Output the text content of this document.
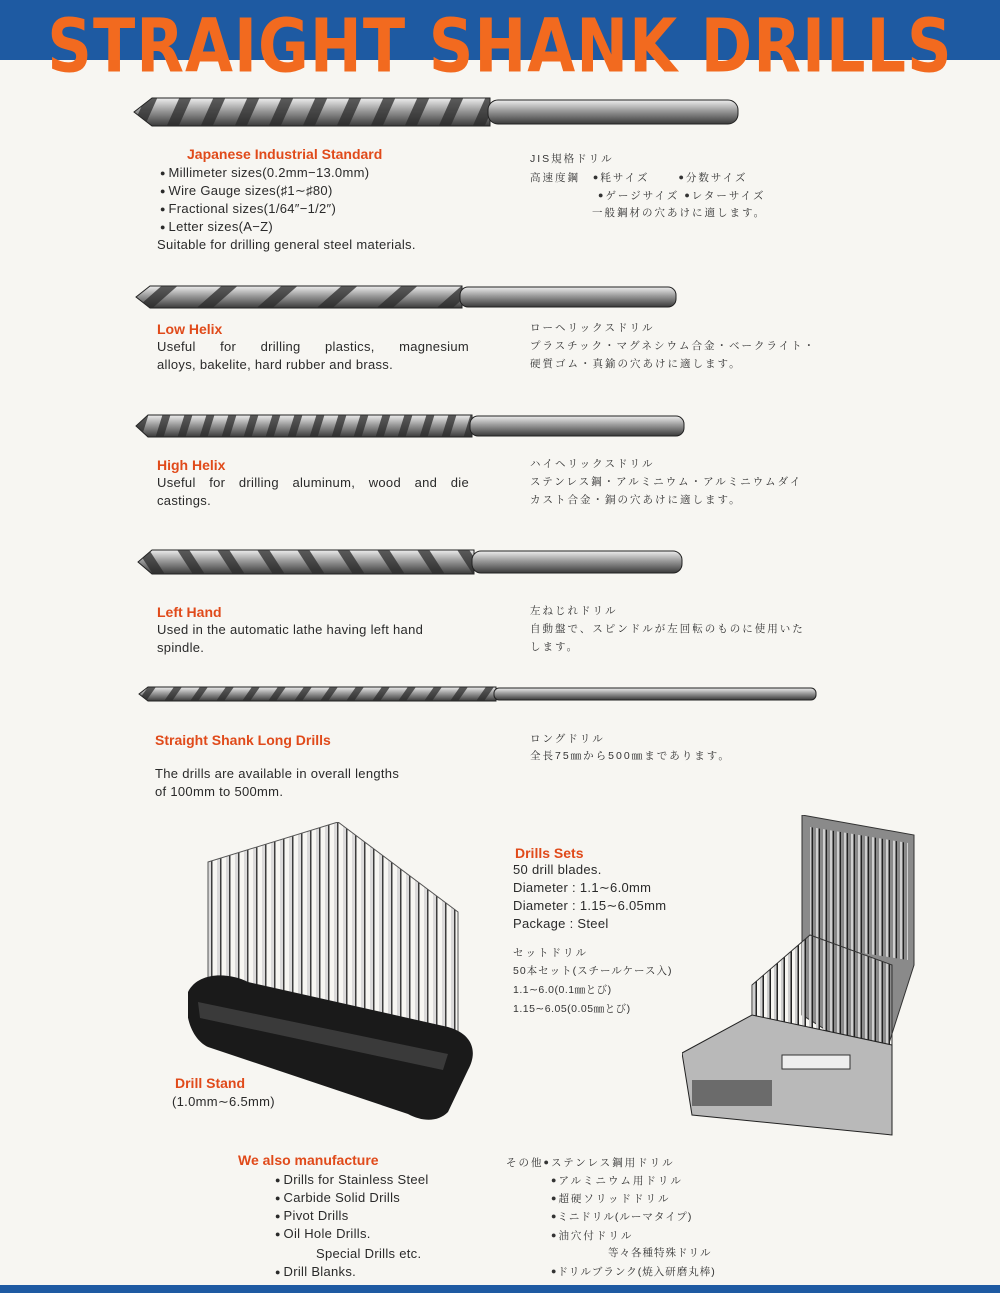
STRAIGHT SHANK DRILLS
Japanese Industrial Standard
● Millimeter sizes(0.2mm−13.0mm)
● Wire Gauge sizes(♯1∼♯80)
● Fractional sizes(1/64″−1/2″)
● Letter sizes(A−Z)
Suitable for drilling general steel materials.
JIS規格ドリル
高速度鋼 ●粍サイズ	●分数サイズ
●ゲージサイズ ●レターサイズ
一般鋼材の穴あけに適します。
Low Helix
Useful for drilling plastics, magnesium
alloys, bakelite, hard rubber and brass.
ローヘリックスドリル
プラスチック・マグネシウム合金・ベークライト・
硬質ゴム・真鍮の穴あけに適します。
High Helix
Useful for drilling aluminum, wood and die
castings.
ハイヘリックスドリル
ステンレス鋼・アルミニウム・アルミニウムダイ
カスト合金・銅の穴あけに適します。
Left Hand
Used in the automatic lathe having left hand
spindle.
左ねじれドリル
自動盤で、スピンドルが左回転のものに使用いた
します。
Straight Shank Long Drills
The drills are available in overall lengths
of 100mm to 500mm.
ロングドリル
全長75㎜から500㎜まであります。
Drill Stand
(1.0mm∼6.5mm)
Drills Sets
50 drill blades.
Diameter : 1.1∼6.0mm
Diameter : 1.15∼6.05mm
Package : Steel
セットドリル
50本セット(スチールケース入)
1.1∼6.0(0.1㎜とび)
1.15∼6.05(0.05㎜とび)
We also manufacture
● Drills for Stainless Steel
● Carbide Solid Drills
● Pivot Drills
● Oil Hole Drills.
Special Drills etc.
● Drill Blanks.
その他●ステンレス鋼用ドリル
●アルミニウム用ドリル
●超硬ソリッドドリル
●ミニドリル(ルーマタイプ)
●油穴付ドリル
等々各種特殊ドリル
●ドリルブランク(焼入研磨丸棒)
